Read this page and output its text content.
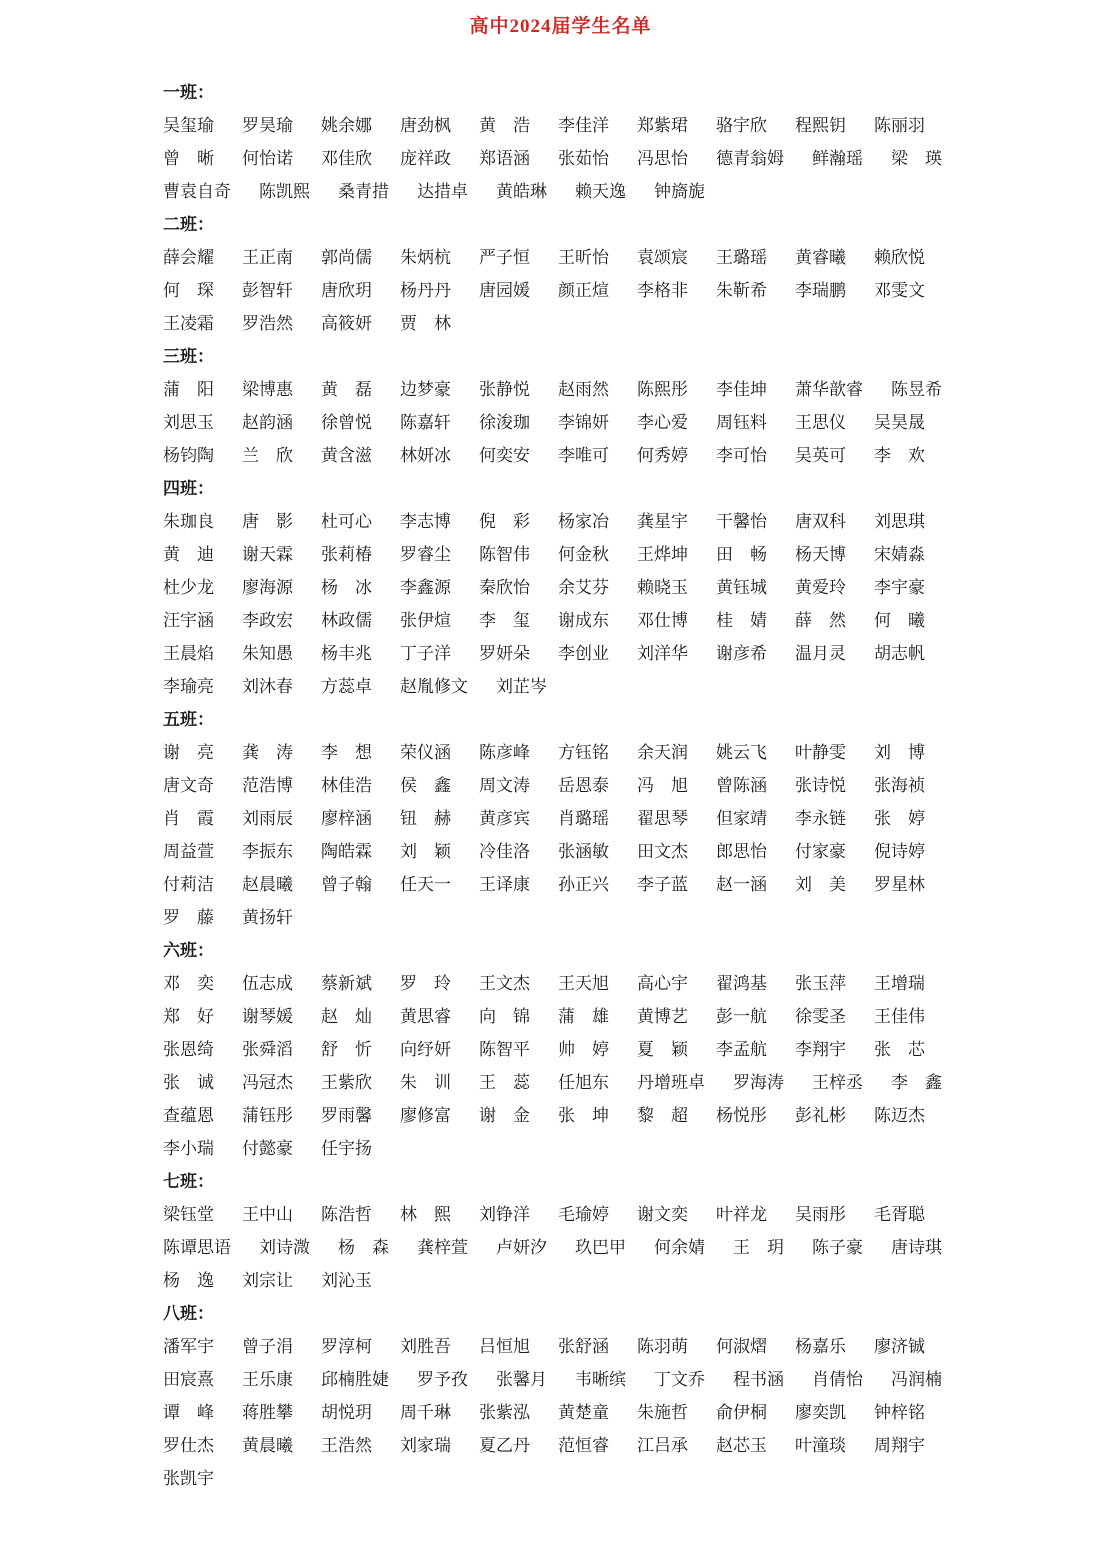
高中2024届学生名单
一班：
吴玺瑜 罗昊瑜 姚余娜 唐劲枫 黄　浩 李佳洋 郑紫珺 骆宇欣 程熙钥 陈丽羽
曾　晰 何怡诺 邓佳欣 庞祥政 郑语涵 张茹怡 冯思怡 德青翁姆 鲜瀚瑶 梁　瑛
曹袁自奇 陈凯熙 桑青措 达措卓 黄皓琳 赖天逸 钟旖旎
二班：
薛会耀 王正南 郭尚儒 朱炳杭 严子恒 王昕怡 袁颂宸 王璐瑶 黄睿曦 赖欣悦
何　琛 彭智轩 唐欣玥 杨丹丹 唐园媛 颜正煊 李格非 朱靳希 李瑞鹏 邓雯文
王凌霜 罗浩然 高筱妍 贾　林
三班：
蒲　阳 梁博惠 黄　磊 边梦豪 张静悦 赵雨然 陈熙彤 李佳坤 萧华歆睿 陈昱希
刘思玉 赵韵涵 徐曾悦 陈嘉轩 徐浚珈 李锦妍 李心爱 周钰料 王思仪 吴昊晟
杨钧陶 兰　欣 黄含滋 林妍冰 何奕安 李唯可 何秀婷 李可怡 吴英可 李　欢
四班：
朱珈良 唐　影 杜可心 李志博 倪　彩 杨家冶 龚星宇 干馨怡 唐双科 刘思琪
黄　迪 谢天霖 张莉椿 罗睿尘 陈智伟 何金秋 王烨坤 田　畅 杨天博 宋婧淼
杜少龙 廖海源 杨　冰 李鑫源 秦欣怡 余艾芬 赖晓玉 黄钰城 黄爱玲 李宇豪
汪宇涵 李政宏 林政儒 张伊煊 李　玺 谢成东 邓仕博 桂　婧 薛　然 何　曦
王晨焰 朱知愚 杨丰兆 丁子洋 罗妍朵 李创业 刘洋华 谢彦希 温月灵 胡志帆
李瑜亮 刘沐春 方蕊卓 赵胤修文 刘芷岑
五班：
谢　亮 龚　涛 李　想 荣仪涵 陈彦峰 方钰铭 余天润 姚云飞 叶静雯 刘　博
唐文奇 范浩博 林佳浩 侯　鑫 周文涛 岳恩泰 冯　旭 曾陈涵 张诗悦 张海祯
肖　霞 刘雨辰 廖梓涵 钮　赫 黄彦宾 肖璐瑶 翟思琴 但家靖 李永链 张　婷
周益萱 李振东 陶皓霖 刘　颖 冷佳洛 张涵敏 田文杰 郎思怡 付家豪 倪诗婷
付莉洁 赵晨曦 曾子翰 任天一 王译康 孙正兴 李子蓝 赵一涵 刘　美 罗星林
罗　藤 黄扬轩
六班：
邓　奕 伍志成 蔡新斌 罗　玲 王文杰 王天旭 高心宇 翟鸿基 张玉萍 王增瑞
郑　好 谢琴媛 赵　灿 黄思睿 向　锦 蒲　雄 黄博艺 彭一航 徐雯圣 王佳伟
张恩绮 张舜滔 舒　忻 向纾妍 陈智平 帅　婷 夏　颖 李孟航 李翔宇 张　芯
张　诚 冯冠杰 王紫欣 朱　训 王　蕊 任旭东 丹增班卓 罗海涛 王梓丞 李　鑫
查蕴恩 蒲钰彤 罗雨馨 廖修富 谢　金 张　坤 黎　超 杨悦彤 彭礼彬 陈迈杰
李小瑞 付懿豪 任宇扬
七班：
梁钰堂 王中山 陈浩哲 林　熙 刘铮洋 毛瑜婷 谢文奕 叶祥龙 吴雨彤 毛胥聪
陈谭思语 刘诗溦 杨　森 龚梓萱 卢妍汐 玖巴甲 何余婧 王　玥 陈子豪 唐诗琪
杨　逸 刘宗让 刘沁玉
八班：
潘军宇 曾子涓 罗淳柯 刘胜吾 吕恒旭 张舒涵 陈羽萌 何淑熠 杨嘉乐 廖济铖
田宸熹 王乐康 邱楠胜婕 罗予孜 张馨月 韦晰缤 丁文乔 程书涵 肖倩怡 冯润楠
谭　峰 蒋胜攀 胡悦玥 周千琳 张紫泓 黄楚童 朱施哲 俞伊桐 廖奕凯 钟梓铭
罗仕杰 黄晨曦 王浩然 刘家瑞 夏乙丹 范恒睿 江吕承 赵芯玉 叶潼琰 周翔宇
张凯宇
